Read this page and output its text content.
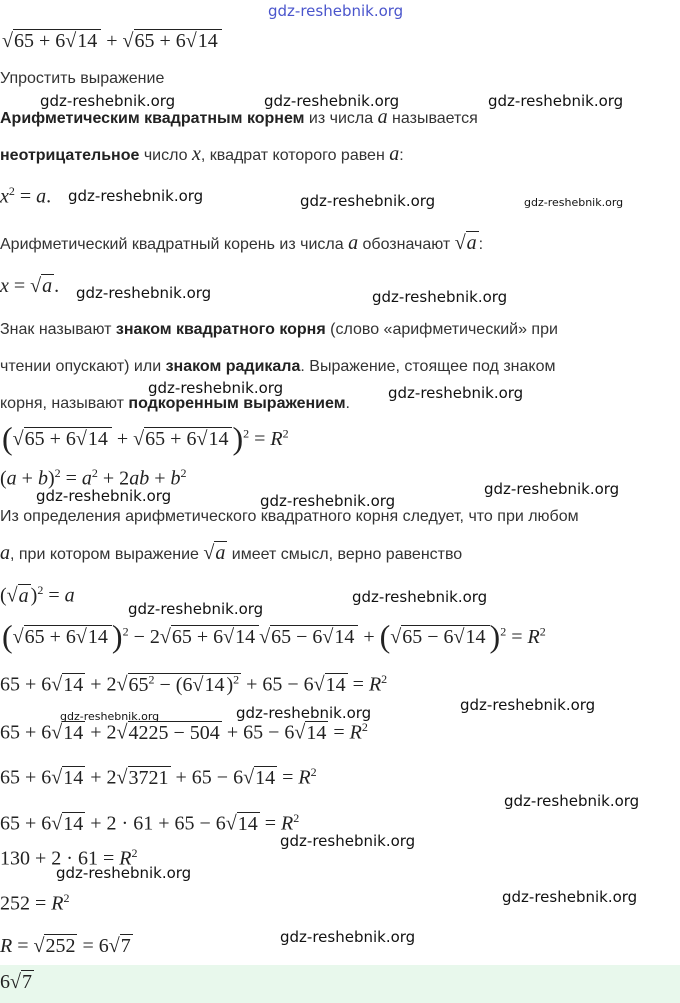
gdz-reshebnik.org
√65 + 6√14 + √65 + 6√14
Упростить выражение
Арифметическим квадратным корнем из числа a называется
неотрицательное число x, квадрат которого равен a:
$x^2 = a$.
Арифметический квадратный корень из числа a обозначают √a :
x = √a .
Знак называют знаком квадратного корня (слово «арифметический» при
чтении опускают) или знаком радикала. Выражение, стоящее под знаком
корня, называют подкоренным выражением.
(√65 + 6√14 + √65 + 6√14 )$^2 = R^2$
$(a + b)^2 = a^2 + 2ab + b^2$
Из определения арифметического квадратного корня следует, что при любом
a, при котором выражение √a имеет смысл, верно равенство
(√a )$^2$ = a
(√65 + 6√14 )$^2$ − 2√65 + 6√14 √65 − 6√14 + (√65 − 6√14 )$^2 = R^2$
$65 + 6√14 + 2√65^2 - (6√14$ )$^2 + 65 - 6√14 = R^2$
$65 + 6√14 + 2√4225 - 504 + 65 - 6√14 = R^2$
$65 + 6√14 + 2√3721 + 65 - 6√14 = R^2$
$65 + 6√14 + 2 \cdot 61 + 65 - 6√14 = R^2$
$130 + 2 \cdot 61 = R^2$
$252 = R^2$
R = √252 = 6√7
6√7
gdz-reshebnik.org	gdz-reshebnik.org	gdz-reshebnik.org
gdz-reshebnik.org	gdz-reshebnik.org	gdz-reshebnik.org
gdz-reshebnik.org	gdz-reshebnik.org
gdz-reshebnik.org	gdz-reshebnik.org
gdz-reshebnik.org	gdz-reshebnik.org
gdz-reshebnik.org
gdz-reshebnik.org
gdz-reshebnik.org
gdz-reshebnik.org	gdz-reshebnik.org	gdz-reshebnik.org
gdz-reshebnik.org
gdz-reshebnik.org
gdz-reshebnik.org
gdz-reshebnik.org
gdz-reshebnik.org
